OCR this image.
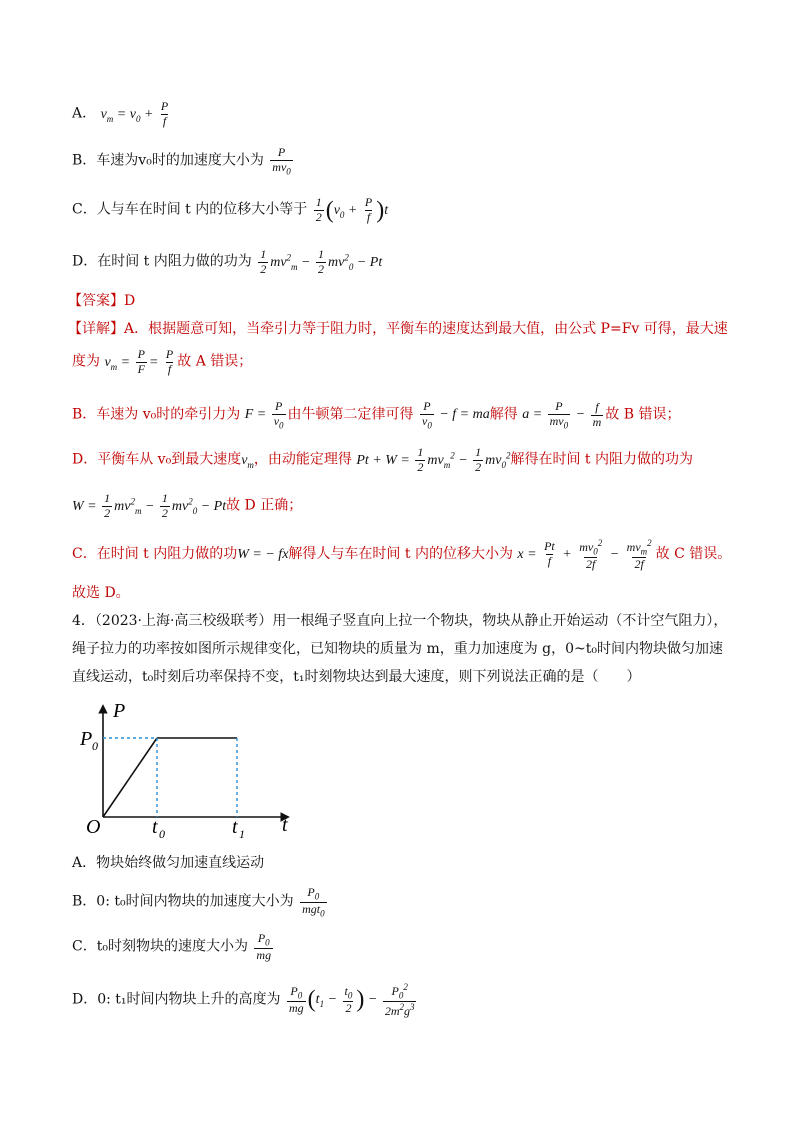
A． $v_m = v_0 + \frac{P}{f}$
B．车速为v₀时的加速度大小为 $\frac{P}{mv_0}$
C．人与车在时间 t 内的位移大小等于 $\frac{1}{2} (v_0 + \frac{P}{f} )t$
D．在时间 t 内阻力做的功为 $\frac{1}{2} mv^2_m - \frac{1}{2} mv^2_0 - Pt$
【答案】D
【详解】A．根据题意可知，当牵引力等于阻力时，平衡车的速度达到最大值，由公式 P=Fv 可得，最大速
度为 $v_m = \frac{P}{F} = \frac{P}{f}$ 故 A 错误；
B．车速为 v₀时的牵引力为 $F = \frac{P}{v_0}$ 由牛顿第二定律可得 $\frac{P}{v_0} - f$ = ma解得 $a = \frac{P}{mv_0} - \frac{f}{m}$ 故 B 错误；
D．平衡车从 v₀到最大速度$v_m$，由动能定理得 $Pt + W = \frac{1}{2} mv_m^2 - \frac{1}{2} mv_0^2$解得在时间 t 内阻力做的功为
$W = \frac{1}{2} mv^2_m - \frac{1}{2} mv^2_0 - Pt$故 D 正确；
C．在时间 t 内阻力做的功W = − fx解得人与车在时间 t 内的位移大小为 $x = \frac{Pt}{f} + \frac{mv_0^2}{2f} - \frac{mv_m^2}{2f}$ 故 C 错误。
故选 D。
4．（2023·上海·高三校级联考）用一根绳子竖直向上拉一个物块，物块从静止开始运动（不计空气阻力），
绳子拉力的功率按如图所示规律变化，已知物块的质量为 m，重力加速度为 g，0~t₀时间内物块做匀加速
直线运动，t₀时刻后功率保持不变，t₁时刻物块达到最大速度，则下列说法正确的是（　　）
P
t
O
P 0
t 0	t 1
A．物块始终做匀加速直线运动
B．0: t₀时间内物块的加速度大小为 $\frac{P_0}{mgt_0}$
C．t₀时刻物块的速度大小为 $\frac{P_0}{mg}$
D．0: t₁时间内物块上升的高度为 $\frac{P_0}{mg} (t_1 - \frac{t_0}{2}$ ) − $\frac{P_0^2}{2m^2g^3}$
